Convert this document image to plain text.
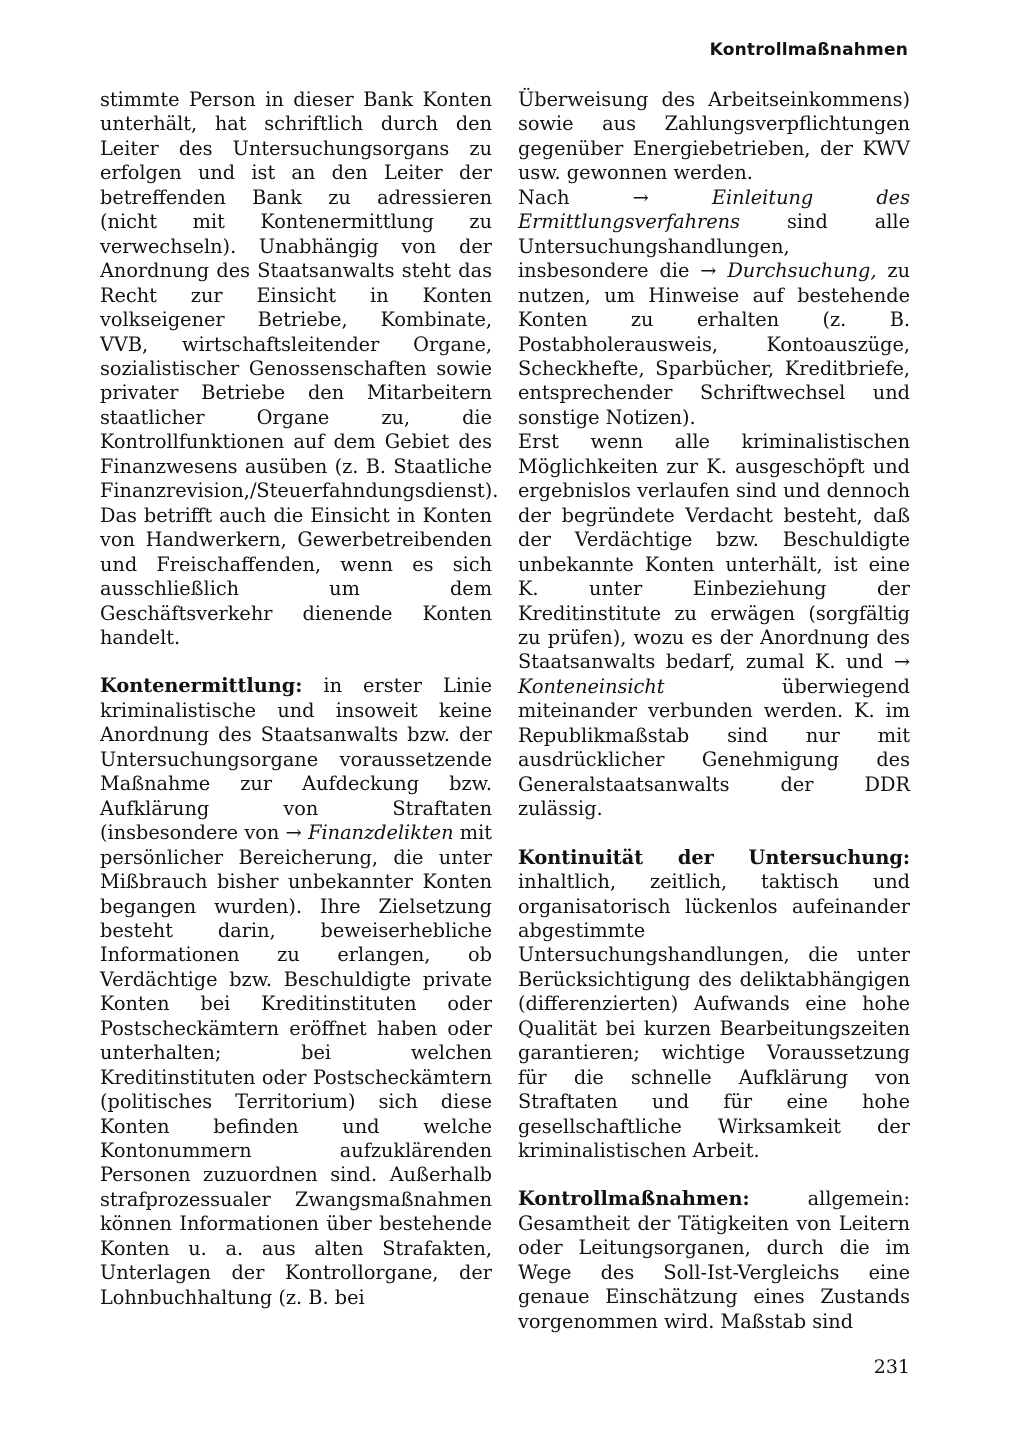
Kontrollmaßnahmen

stimmte Person in dieser Bank Konten unterhält, hat schriftlich durch den Leiter des Untersuchungsorgans zu erfolgen und ist an den Leiter der betreffenden Bank zu adressieren (nicht mit Kontenermittlung zu verwechseln). Unabhängig von der Anordnung des Staatsanwalts steht das Recht zur Einsicht in Konten volkseigener Betriebe, Kombinate, VVB, wirtschaftsleitender Organe, sozialistischer Genossenschaften sowie privater Betriebe den Mitarbeitern staatlicher Organe zu, die Kontrollfunktionen auf dem Gebiet des Finanzwesens ausüben (z. B. Staatliche Finanzrevision,/Steuerfahndungsdienst).

Das betrifft auch die Einsicht in Konten von Handwerkern, Gewerbetreibenden und Freischaffenden, wenn es sich ausschließlich um dem Geschäftsverkehr dienende Konten handelt.

Kontenermittlung: in erster Linie kriminalistische und insoweit keine Anordnung des Staatsanwalts bzw. der Untersuchungsorgane voraussetzende Maßnahme zur Aufdeckung bzw. Aufklärung von Straftaten (insbesondere von → Finanzdelikten mit persönlicher Bereicherung, die unter Mißbrauch bisher unbekannter Konten begangen wurden). Ihre Zielsetzung besteht darin, beweiserhebliche Informationen zu erlangen, ob Verdächtige bzw. Beschuldigte private Konten bei Kreditinstituten oder Postscheckämtern eröffnet haben oder unterhalten; bei welchen Kreditinstituten oder Postscheckämtern (politisches Territorium) sich diese Konten befinden und welche Kontonummern aufzuklärenden Personen zuzuordnen sind. Außerhalb strafprozessualer Zwangsmaßnahmen können Informationen über bestehende Konten u. a. aus alten Strafakten, Unterlagen der Kontrollorgane, der Lohnbuchhaltung (z. B. bei

Überweisung des Arbeitseinkommens) sowie aus Zahlungsverpflichtungen gegenüber Energiebetrieben, der KWV usw. gewonnen werden.

Nach → Einleitung des Ermittlungsverfahrens sind alle Untersuchungshandlungen, insbesondere die → Durchsuchung, zu nutzen, um Hinweise auf bestehende Konten zu erhalten (z. B. Postabholerausweis, Kontoauszüge, Scheckhefte, Sparbücher, Kreditbriefe, entsprechender Schriftwechsel und sonstige Notizen).

Erst wenn alle kriminalistischen Möglichkeiten zur K. ausgeschöpft und ergebnislos verlaufen sind und dennoch der begründete Verdacht besteht, daß der Verdächtige bzw. Beschuldigte unbekannte Konten unterhält, ist eine K. unter Einbeziehung der Kreditinstitute zu erwägen (sorgfältig zu prüfen), wozu es der Anordnung des Staatsanwalts bedarf, zumal K. und → Konteneinsicht überwiegend miteinander verbunden werden. K. im Republikmaßstab sind nur mit ausdrücklicher Genehmigung des Generalstaatsanwalts der DDR zulässig.

Kontinuität der Untersuchung: inhaltlich, zeitlich, taktisch und organisatorisch lückenlos aufeinander abgestimmte Untersuchungshandlungen, die unter Berücksichtigung des deliktabhängigen (differenzierten) Aufwands eine hohe Qualität bei kurzen Bearbeitungszeiten garantieren; wichtige Voraussetzung für die schnelle Aufklärung von Straftaten und für eine hohe gesellschaftliche Wirksamkeit der kriminalistischen Arbeit.

Kontrollmaßnahmen: allgemein: Gesamtheit der Tätigkeiten von Leitern oder Leitungsorganen, durch die im Wege des Soll-Ist-Vergleichs eine genaue Einschätzung eines Zustands vorgenommen wird. Maßstab sind

231
